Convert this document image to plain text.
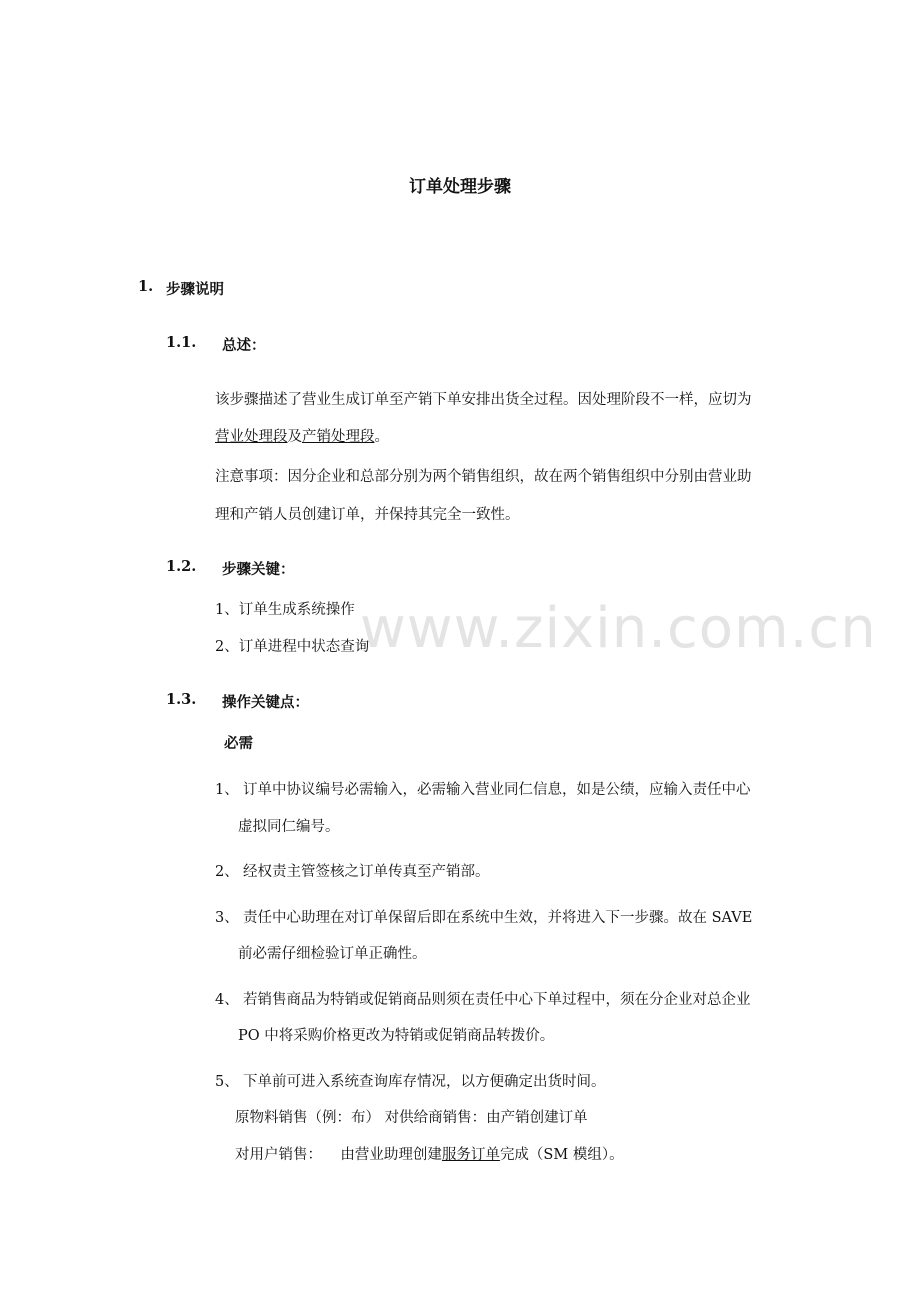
www.zixin.com.cn
订单处理步骤
1. 步骤说明
1.1. 总述：
该步骤描述了营业生成订单至产销下单安排出货全过程。因处理阶段不一样，应切为
营业处理段及产销处理段。
注意事项：因分企业和总部分别为两个销售组织，故在两个销售组织中分别由营业助
理和产销人员创建订单，并保持其完全一致性。
1.2. 步骤关键：
1、订单生成系统操作
2、订单进程中状态查询
1.3. 操作关键点：
必需
1、 订单中协议编号必需输入，必需输入营业同仁信息，如是公绩，应输入责任中心
虚拟同仁编号。
2、 经权责主管签核之订单传真至产销部。
3、 责任中心助理在对订单保留后即在系统中生效，并将进入下一步骤。故在 SAVE
前必需仔细检验订单正确性。
4、 若销售商品为特销或促销商品则须在责任中心下单过程中，须在分企业对总企业
PO 中将采购价格更改为特销或促销商品转拨价。
5、 下单前可进入系统查询库存情况，以方便确定出货时间。
原物料销售（例：布） 对供给商销售：由产销创建订单
对用户销售：    由营业助理创建服务订单完成（SM 模组）。
